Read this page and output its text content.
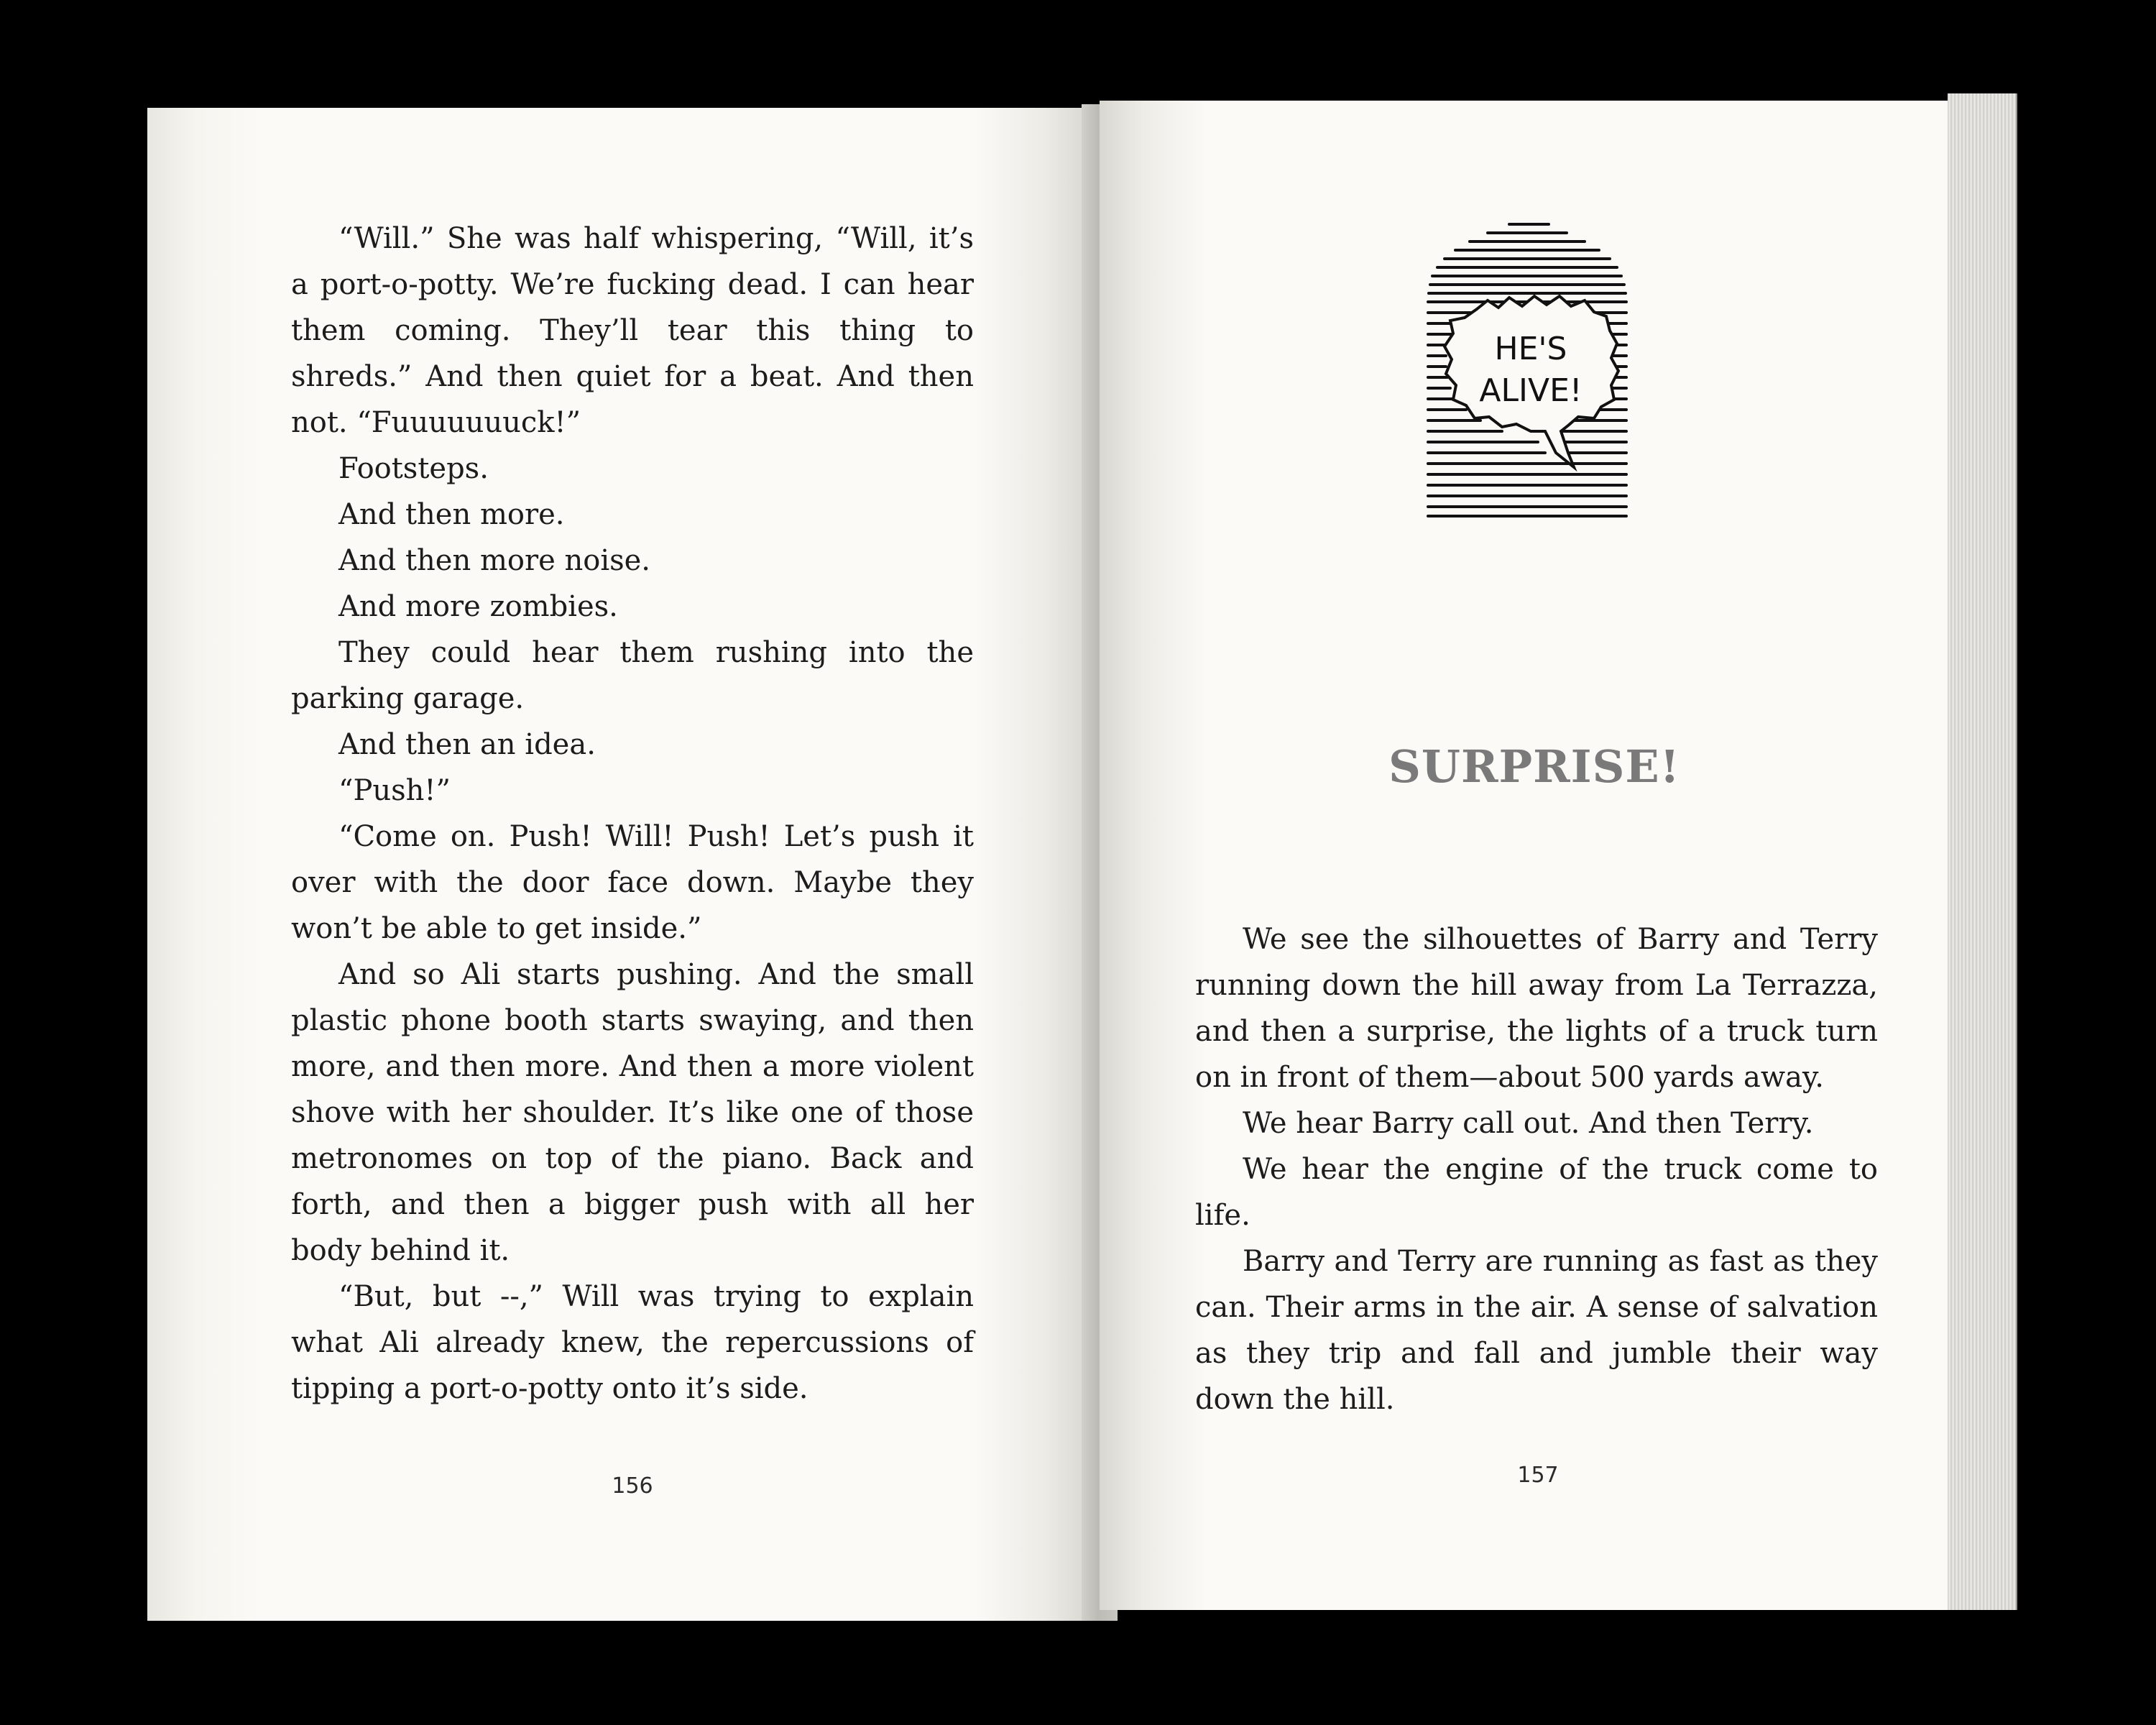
“Will.” She was half whispering, “Will, it’s a port-o-potty. We’re fucking dead. I can hear them coming. They’ll tear this thing to shreds.” And then quiet for a beat. And then not. “Fuuuuuuuck!”

Footsteps.

And then more.

And then more noise.

And more zombies.

They could hear them rushing into the parking garage.

And then an idea.

“Push!”

“Come on. Push! Will! Push! Let’s push it over with the door face down. Maybe they won’t be able to get inside.”

And so Ali starts pushing. And the small plastic phone booth starts swaying, and then more, and then more. And then a more violent shove with her shoulder. It’s like one of those metronomes on top of the piano. Back and forth, and then a bigger push with all her body behind it.

“But, but --,” Will was trying to explain what Ali already knew, the repercussions of tipping a port-o-potty onto it’s side.

156
HE'S
ALIVE!
SURPRISE!

We see the silhouettes of Barry and Terry running down the hill away from La Terrazza, and then a surprise, the lights of a truck turn on in front of them—about 500 yards away.

We hear Barry call out. And then Terry.

We hear the engine of the truck come to life.

Barry and Terry are running as fast as they can. Their arms in the air. A sense of salvation as they trip and fall and jumble their way down the hill.

157
